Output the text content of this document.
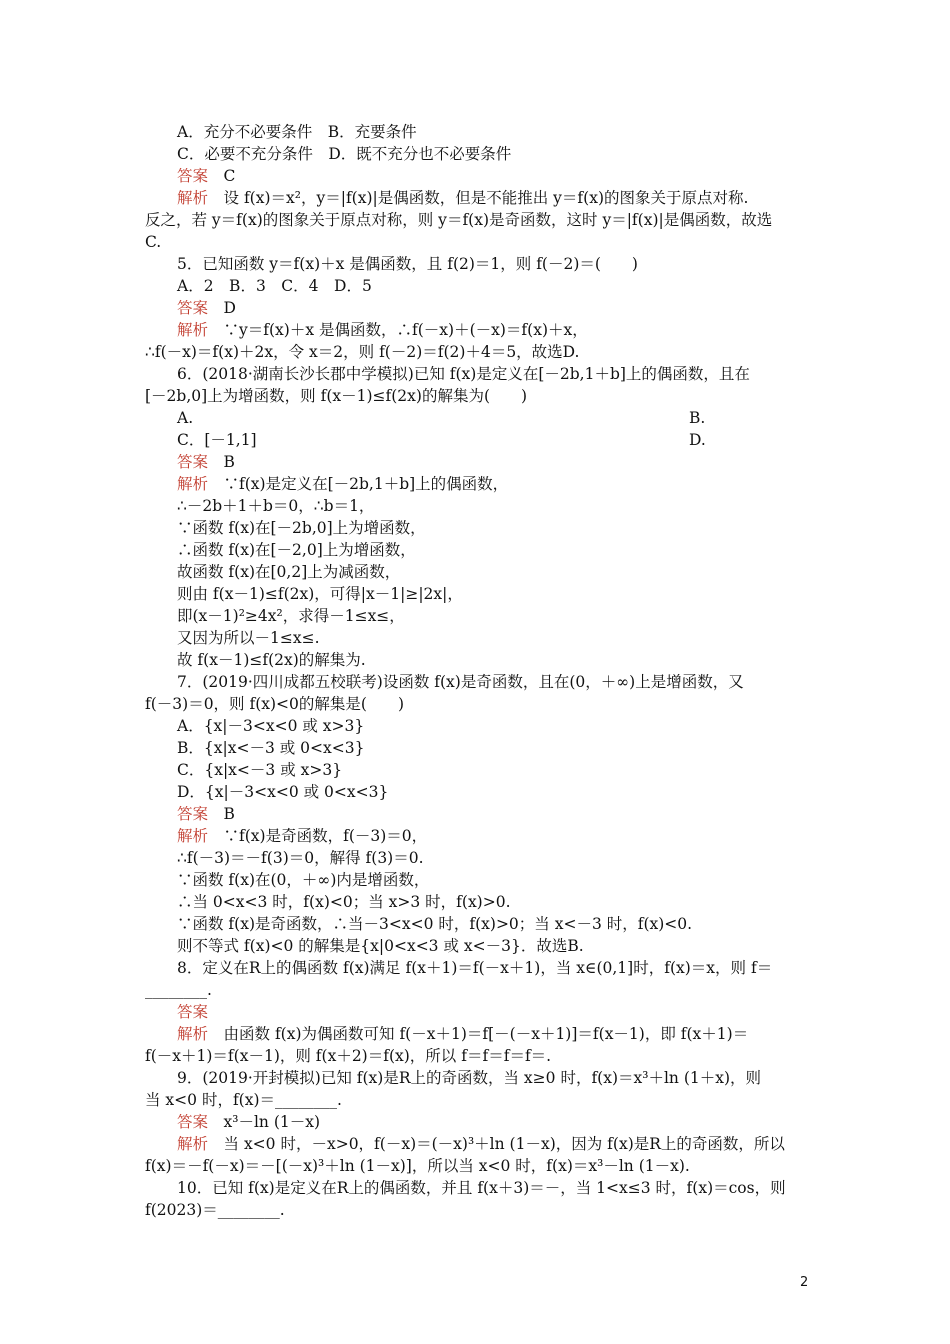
A．充分不必要条件　B．充要条件
C．必要不充分条件　D．既不充分也不必要条件
答案　C
解析　设 f(x)＝x²，y＝|f(x)|是偶函数，但是不能推出 y＝f(x)的图象关于原点对称.
反之，若 y＝f(x)的图象关于原点对称，则 y＝f(x)是奇函数，这时 y＝|f(x)|是偶函数，故选
C.
5．已知函数 y＝f(x)＋x 是偶函数，且 f(2)＝1，则 f(－2)＝(　　)
A．2　B．3　C．4　D．5
答案　D
解析　∵y＝f(x)＋x 是偶函数，∴f(－x)＋(－x)＝f(x)＋x，
∴f(－x)＝f(x)＋2x，令 x＝2，则 f(－2)＝f(2)＋4＝5，故选D.
6．(2018·湖南长沙长郡中学模拟)已知 f(x)是定义在[－2b,1＋b]上的偶函数，且在
[－2b,0]上为增函数，则 f(x－1)≤f(2x)的解集为(　　)
A.	B.
C．[－1,1]	D.
答案　B
解析　∵f(x)是定义在[－2b,1＋b]上的偶函数，
∴－2b＋1＋b＝0，∴b＝1，
∵函数 f(x)在[－2b,0]上为增函数，
∴函数 f(x)在[－2,0]上为增函数，
故函数 f(x)在[0,2]上为减函数，
则由 f(x－1)≤f(2x)，可得|x－1|≥|2x|，
即(x－1)²≥4x²，求得－1≤x≤，
又因为所以－1≤x≤.
故 f(x－1)≤f(2x)的解集为.
7．(2019·四川成都五校联考)设函数 f(x)是奇函数，且在(0，＋∞)上是增函数，又
f(－3)＝0，则 f(x)<0的解集是(　　)
A．{x|－3<x<0 或 x>3}
B．{x|x<－3 或 0<x<3}
C．{x|x<－3 或 x>3}
D．{x|－3<x<0 或 0<x<3}
答案　B
解析　∵f(x)是奇函数，f(－3)＝0，
∴f(－3)＝－f(3)＝0，解得 f(3)＝0.
∵函数 f(x)在(0，＋∞)内是增函数，
∴当 0<x<3 时，f(x)<0；当 x>3 时，f(x)>0.
∵函数 f(x)是奇函数，∴当－3<x<0 时，f(x)>0；当 x<－3 时，f(x)<0.
则不等式 f(x)<0 的解集是{x|0<x<3 或 x<－3}．故选B.
8．定义在R上的偶函数 f(x)满足 f(x＋1)＝f(－x＋1)，当 x∈(0,1]时，f(x)＝x，则 f＝
________.
答案
解析　由函数 f(x)为偶函数可知 f(－x＋1)＝f[－(－x＋1)]＝f(x－1)，即 f(x＋1)＝
f(－x＋1)＝f(x－1)，则 f(x＋2)＝f(x)，所以 f＝f＝f＝f＝.
9．(2019·开封模拟)已知 f(x)是R上的奇函数，当 x≥0 时，f(x)＝x³＋ln (1＋x)，则
当 x<0 时，f(x)＝________.
答案　x³－ln (1－x)
解析　当 x<0 时，－x>0，f(－x)＝(－x)³＋ln (1－x)，因为 f(x)是R上的奇函数，所以
f(x)＝－f(－x)＝－[(－x)³＋ln (1－x)]，所以当 x<0 时，f(x)＝x³－ln (1－x).
10．已知 f(x)是定义在R上的偶函数，并且 f(x＋3)＝－，当 1<x≤3 时，f(x)＝cos，则
f(2023)＝________.
2
